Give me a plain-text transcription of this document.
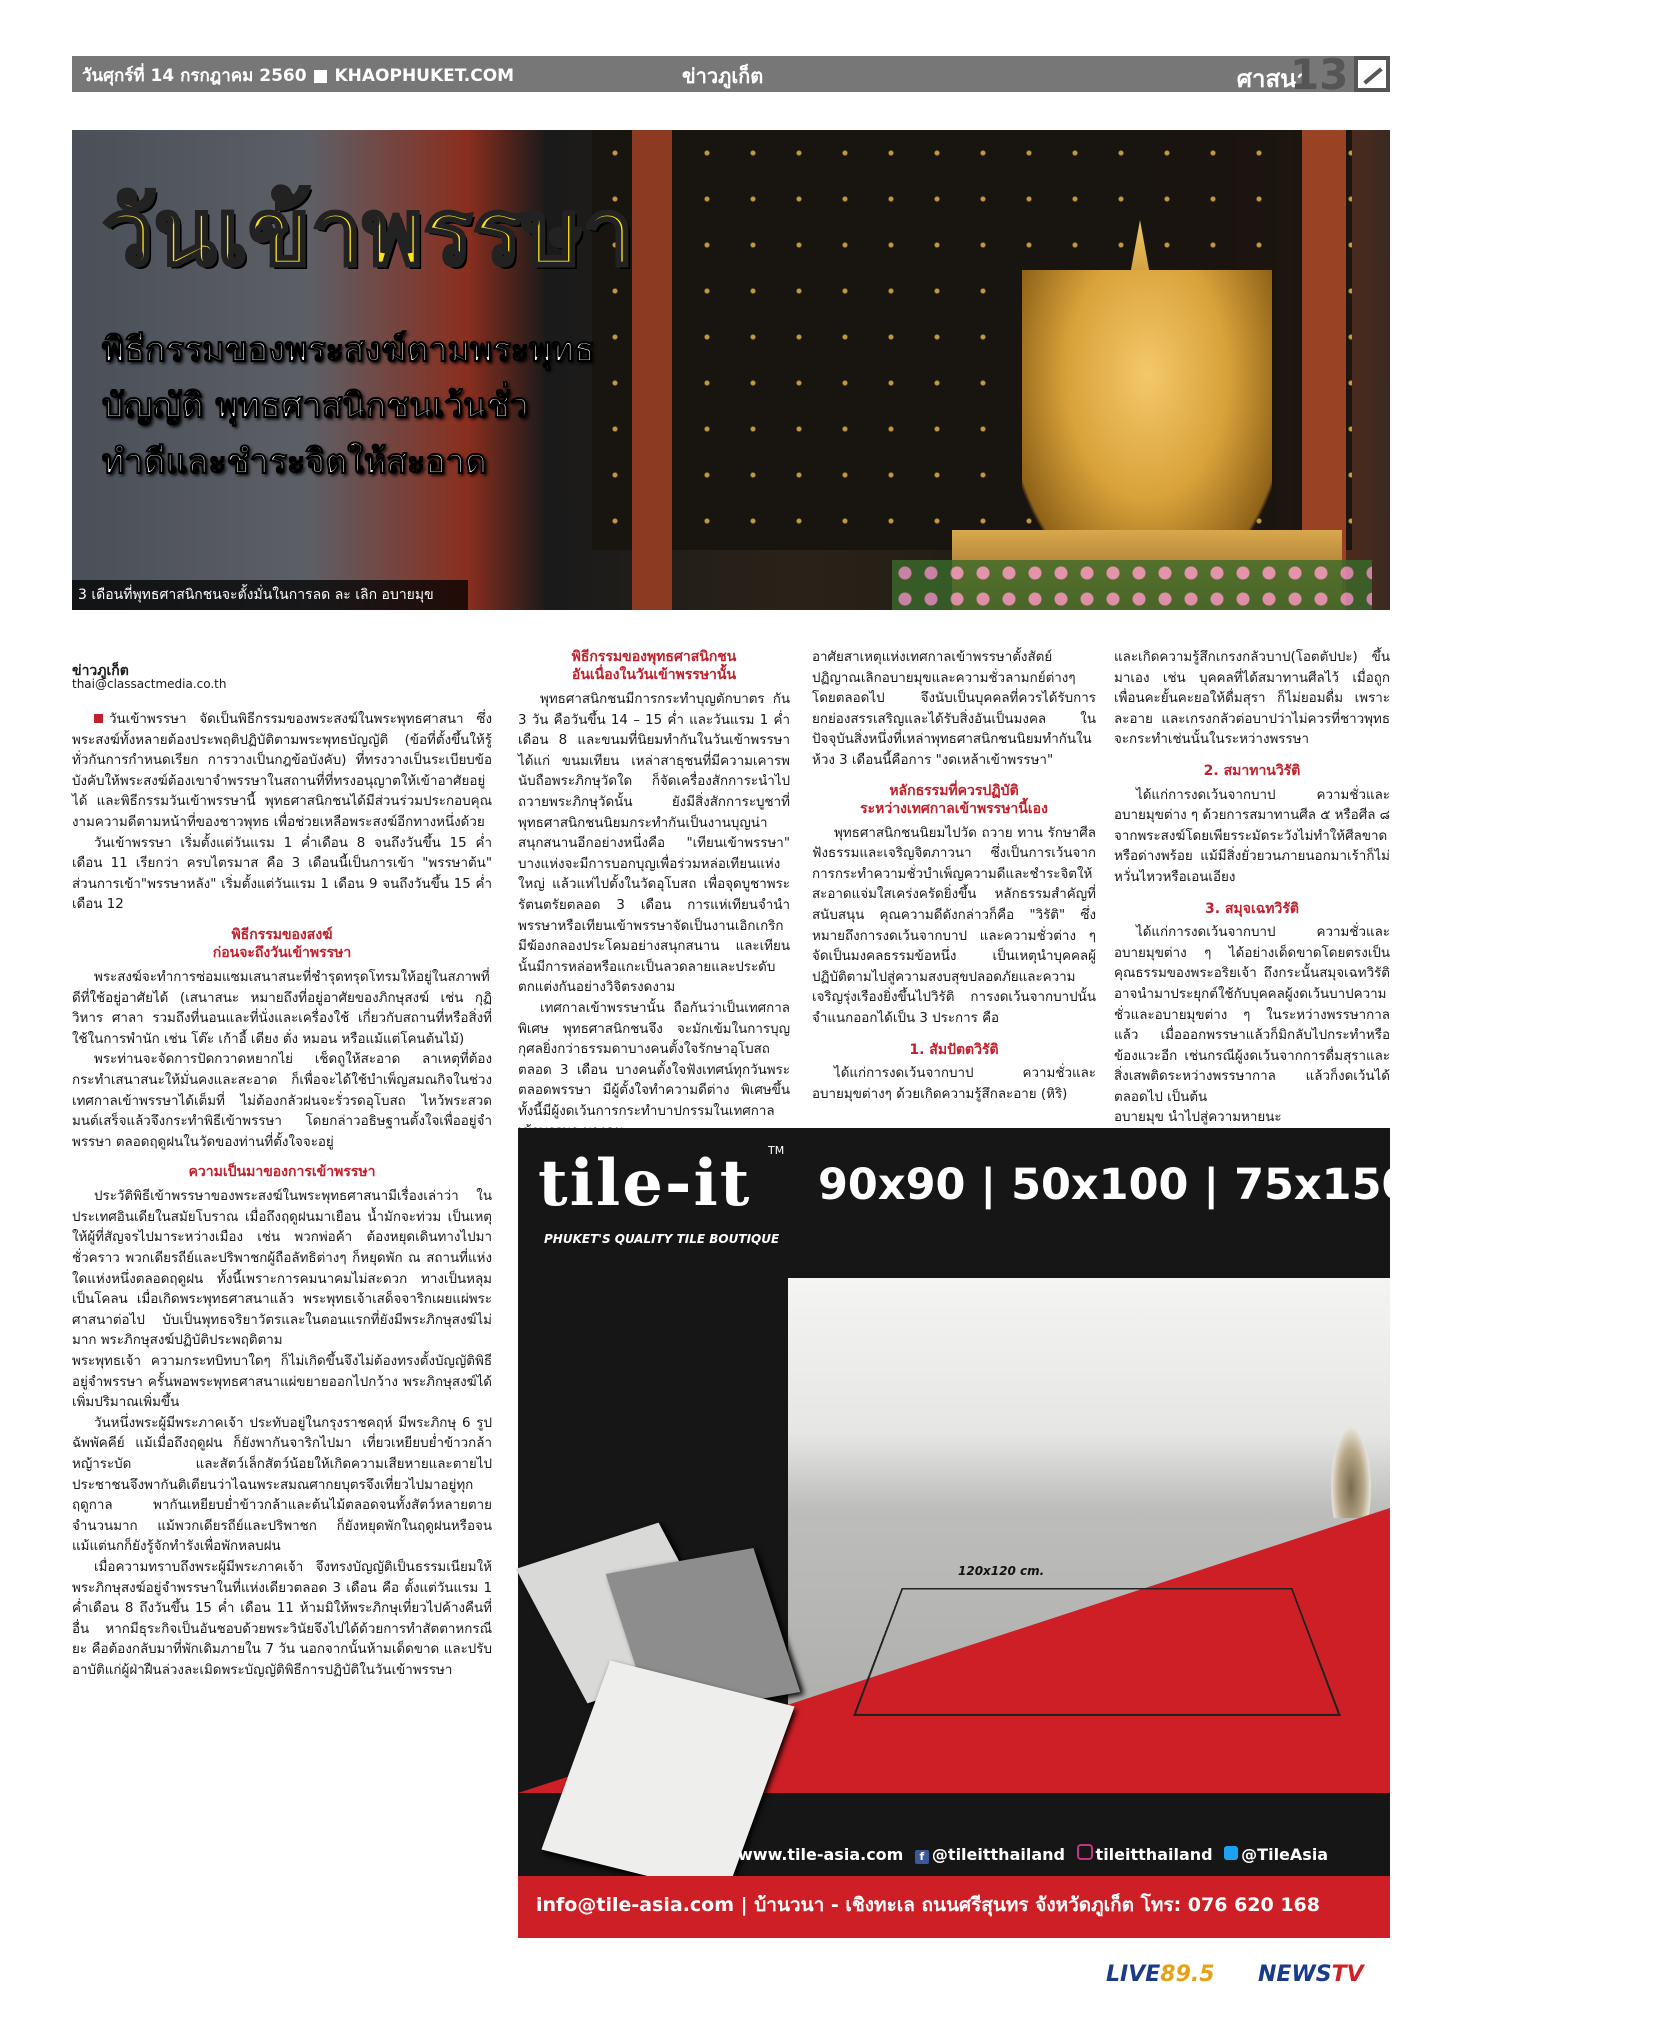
วันศุกร์ที่ 14 กรกฎาคม 2560 ■ KHAOPHUKET.COM	ข่าวภูเก็ต	ศาสนา
13
วันเข้าพรรษา
พิธีกรรมของพระสงฆ์ตามพระพุทธ
บัญญัติ พุทธศาสนิกชนเว้นชั่ว
ทำดีและชำระจิตให้สะอาด
3 เดือนที่พุทธศาสนิกชนจะตั้งมั่นในการลด ละ เลิก อบายมุข
ข่าวภูเก็ต
thai@classactmedia.co.th

วันเข้าพรรษา จัดเป็นพิธีกรรมของพระสงฆ์ในพระพุทธศาสนา ซึ่งพระสงฆ์ทั้งหลายต้องประพฤติปฏิบัติตามพระพุทธบัญญัติ (ข้อที่ตั้งขึ้นให้รู้ทั่วกันการกำหนดเรียก การวางเป็นกฎข้อบังคับ) ที่ทรงวางเป็นระเบียบข้อบังคับให้พระสงฆ์ต้องเขาจำพรรษาในสถานที่ที่ทรงอนุญาตให้เข้าอาศัยอยู่ได้ และพิธีกรรมวันเข้าพรรษานี้ พุทธศาสนิกชนได้มีส่วนร่วมประกอบคุณงามความดีตามหน้าที่ของชาวพุทธ เพื่อช่วยเหลือพระสงฆ์อีกทางหนึ่งด้วย

วันเข้าพรรษา เริ่มตั้งแต่วันแรม 1 ค่ำเดือน 8 จนถึงวันขึ้น 15 ค่ำ เดือน 11 เรียกว่า ครบไตรมาส คือ 3 เดือนนี้เป็นการเข้า "พรรษาต้น" ส่วนการเข้า"พรรษาหลัง" เริ่มตั้งแต่วันแรม 1 เดือน 9 จนถึงวันขึ้น 15 ค่ำเดือน 12

พิธีกรรมของสงฆ์
ก่อนจะถึงวันเข้าพรรษา

พระสงฆ์จะทำการซ่อมแซมเสนาสนะที่ชำรุดทรุดโทรมให้อยู่ในสภาพที่ดีที่ใช้อยู่อาศัยได้ (เสนาสนะ หมายถึงที่อยู่อาศัยของภิกษุสงฆ์ เช่น กุฏิ วิหาร ศาลา รวมถึงที่นอนและที่นั่งและเครื่องใช้ เกี่ยวกับสถานที่หรือสิ่งที่ใช้ในการพำนัก เช่น โต๊ะ เก้าอี้ เตียง ตั่ง หมอน หรือแม้แต่โคนต้นไม้)

พระท่านจะจัดการปัดกวาดหยากไย่ เช็ดถูให้สะอาด ลาเหตุที่ต้องกระทำเสนาสนะให้มั่นคงและสะอาด ก็เพื่อจะได้ใช้บำเพ็ญสมณกิจในช่วงเทศกาลเข้าพรรษาได้เต็มที่ ไม่ต้องกลัวฝนจะรั่วรดอุโบสถ ไหว้พระสวดมนต์เสร็จแล้วจึงกระทำพิธีเข้าพรรษา โดยกล่าวอธิษฐานตั้งใจเพื่ออยู่จำพรรษา ตลอดฤดูฝนในวัดของท่านที่ตั้งใจจะอยู่

ความเป็นมาของการเข้าพรรษา

ประวัติพิธีเข้าพรรษาของพระสงฆ์ในพระพุทธศาสนามีเรื่องเล่าว่า ในประเทศอินเดียในสมัยโบราณ เมื่อถึงฤดูฝนมาเยือน น้ำมักจะท่วม เป็นเหตุให้ผู้ที่สัญจรไปมาระหว่างเมือง เช่น พวกพ่อค้า ต้องหยุดเดินทางไปมาชั่วคราว พวกเดียรถีย์และปริพาชกผู้ถือลัทธิต่างๆ ก็หยุดพัก ณ สถานที่แห่งใดแห่งหนึ่งตลอดฤดูฝน ทั้งนี้เพราะการคมนาคมไม่สะดวก ทางเป็นหลุมเป็นโคลน เมื่อเกิดพระพุทธศาสนาแล้ว พระพุทธเจ้าเสด็จจาริกเผยแผ่พระศาสนาต่อไป บับเป็นพุทธจริยาวัตรและในตอนแรกที่ยังมีพระภิกษุสงฆ์ไม่มาก พระภิกษุสงฆ์ปฏิบัติประพฤติตาม

พระพุทธเจ้า ความกระทบิทบาใดๆ ก็ไม่เกิดขึ้นจึงไม่ต้องทรงตั้งบัญญัติพิธีอยู่จำพรรษา ครั้นพอพระพุทธศาสนาแผ่ขยายออกไปกว้าง พระภิกษุสงฆ์ได้เพิ่มปริมาณเพิ่มขึ้น

วันหนึ่งพระผู้มีพระภาคเจ้า ประทับอยู่ในกรุงราชคฤห์ มีพระภิกษุ 6 รูป ฉัพพัคคีย์ แม้เมื่อถึงฤดูฝน ก็ยังพากันจาริกไปมา เที่ยวเหยียบย่ำข้าวกล้าหญ้าระบัด และสัตว์เล็กสัตว์น้อยให้เกิดความเสียหายและตายไป ประชาชนจึงพากันติเตียนว่าไฉนพระสมณศากยบุตรจึงเที่ยวไปมาอยู่ทุกฤดูกาล พากันเหยียบย่ำข้าวกล้าและต้นไม้ตลอดจนทั้งสัตว์หลายตายจำนวนมาก แม้พวกเดียรถีย์และปริพาชก ก็ยังหยุดพักในฤดูฝนหรือจนแม้แต่นกก็ยังรู้จักทำรังเพื่อพักหลบฝน

เมื่อความทราบถึงพระผู้มีพระภาคเจ้า จึงทรงบัญญัติเป็นธรรมเนียมให้พระภิกษุสงฆ์อยู่จำพรรษาในที่แห่งเดียวตลอด 3 เดือน คือ ตั้งแต่วันแรม 1 ค่ำเดือน 8 ถึงวันขึ้น 15 ค่ำ เดือน 11 ห้ามมิให้พระภิกษุเที่ยวไปค้างคืนที่อื่น หากมีธุระกิจเป็นอันชอบด้วยพระวินัยจึงไปได้ด้วยการทำสัตตาหกรณียะ คือต้องกลับมาที่พักเดิมภายใน 7 วัน นอกจากนั้นห้ามเด็ดขาด และปรับอาบัติแก่ผู้ฝ่าฝืนล่วงละเมิดพระบัญญัติพิธีการปฏิบัติในวันเข้าพรรษา

พิธีกรรมของพุทธศาสนิกชน
อันเนื่องในวันเข้าพรรษานั้น

พุทธศาสนิกชนมีการกระทำบุญตักบาตร กัน 3 วัน คือวันขึ้น 14 – 15 ค่ำ และวันแรม 1 ค่ำ เดือน 8 และขนมที่นิยมทำกันในวันเข้าพรรษาได้แก่ ขนมเทียน เหล่าสาธุชนที่มีความเคารพนับถือพระภิกษุวัดใด ก็จัดเครื่องสักการะนำไปถวายพระภิกษุวัดนั้น ยังมีสิ่งสักการะบูชาที่พุทธศาสนิกชนนิยมกระทำกันเป็นงานบุญน่าสนุกสนานอีกอย่างหนึ่งคือ "เทียนเข้าพรรษา" บางแห่งจะมีการบอกบุญเพื่อร่วมหล่อเทียนแห่งใหญ่ แล้วแห่ไปตั้งในวัดอุโบสถ เพื่อจุดบูชาพระรัตนตรัยตลอด 3 เดือน การแห่เทียนจำนำพรรษาหรือเทียนเข้าพรรษาจัดเป็นงานเอิกเกริก มีฆ้องกลองประโคมอย่างสนุกสนาน และเทียนนั้นมีการหล่อหรือแกะเป็นลวดลายและประดับตกแต่งกันอย่างวิจิตรงดงาม

เทศกาลเข้าพรรษานั้น ถือกันว่าเป็นเทศกาลพิเศษ พุทธศาสนิกชนจึง จะมักเข้มในการบุญกุศลยิ่งกว่าธรรมดาบางคนตั้งใจรักษาอุโบสถตลอด 3 เดือน บางคนตั้งใจฟังเทศน์ทุกวันพระตลอดพรรษา มีผู้ตั้งใจทำความดีต่าง พิเศษขึ้น ทั้งนี้มีผู้งดเว้นการกระทำบาปกรรมในเทศกาล

อาศัยสาเหตุแห่งเทศกาลเข้าพรรษาตั้งสัตย์ปฏิญาณเลิกอบายมุขและความชั่วลามกย์ต่างๆ โดยตลอดไป จึงนับเป็นบุคคลที่ควรได้รับการยกย่องสรรเสริญและได้รับสิ่งอันเป็นมงคล ในปัจจุบันสิ่งหนึ่งที่เหล่าพุทธศาสนิกชนนิยมทำกันในห้วง 3 เดือนนี้คือการ "งดเหล้าเข้าพรรษา"

หลักธรรมที่ควรปฏิบัติ
ระหว่างเทศกาลเข้าพรรษานี้เอง

พุทธศาสนิกชนนิยมไปวัด ถวาย ทาน รักษาศีล ฟังธรรมและเจริญจิตภาวนา ซึ่งเป็นการเว้นจากการกระทำความชั่วบำเพ็ญความดีและชำระจิตให้สะอาดแจ่มใสเคร่งครัดยิ่งขึ้น หลักธรรมสำคัญที่สนับสนุน คุณความดีดังกล่าวก็คือ "วิรัติ" ซึ่งหมายถึงการงดเว้นจากบาป และความชั่วต่าง ๆ จัดเป็นมงคลธรรมข้อหนึ่ง เป็นเหตุนำบุคคลผู้ปฏิบัติตามไปสู่ความสงบสุขปลอดภัยและความเจริญรุ่งเรืองยิ่งขึ้นไปวิรัติ การงดเว้นจากบาปนั้นจำแนกออกได้เป็น 3 ประการ คือ

1. สัมปัตตวิรัติ

ได้แก่การงดเว้นจากบาป ความชั่วและอบายมุขต่างๆ ด้วยเกิดความรู้สึกละอาย (หิริ)

และเกิดความรู้สึกเกรงกลัวบาป(โอตตัปปะ) ขึ้นมาเอง เช่น บุคคลที่ได้สมาทานศีลไว้ เมื่อถูกเพื่อนคะยั้นคะยอให้ดื่มสุรา ก็ไม่ยอมดื่ม เพราะละอาย และเกรงกลัวต่อบาปว่าไม่ควรที่ชาวพุทธจะกระทำเช่นนั้นในระหว่างพรรษา

2. สมาทานวิรัติ

ได้แก่การงดเว้นจากบาป ความชั่วและอบายมุขต่าง ๆ ด้วยการสมาทานศีล ๕ หรือศีล ๘ จากพระสงฆ์โดยเพียรระมัดระวังไม่ทำให้ศีลขาดหรือด่างพร้อย แม้มีสิ่งยั่วยวนภายนอกมาเร้าก็ไม่หวั่นไหวหรือเอนเอียง

3. สมุจเฉทวิรัติ

ได้แก่การงดเว้นจากบาป ความชั่วและอบายมุขต่าง ๆ ได้อย่างเด็ดขาดโดยตรงเป็นคุณธรรมของพระอริยเจ้า ถึงกระนั้นสมุจเฉทวิรัติ อาจนำมาประยุกต์ใช้กับบุคคลผู้งดเว้นบาปความชั่วและอบายมุขต่าง ๆ ในระหว่างพรรษากาลแล้ว เมื่อออกพรรษาแล้วก็มิกลับไปกระทำหรือข้องแวะอีก เช่นกรณีผู้งดเว้นจากการดื่มสุราและสิ่งเสพติดระหว่างพรรษากาล แล้วก็งดเว้นได้ตลอดไป เป็นต้น

อบายมุข นำไปสู่ความหายนะ

120x120 cm.
tile-it TM
PHUKET'S QUALITY TILE BOUTIQUE
90x90 | 50x100 | 75x150 | 120x120
www.tile-asia.com f @tileitthailand tileitthailand @TileAsia
info@tile-asia.com | บ้านวนา - เชิงทะเล ถนนศรีสุนทร จังหวัดภูเก็ต โทร: 076 620 168
LIVE89.5 NEWSTV
